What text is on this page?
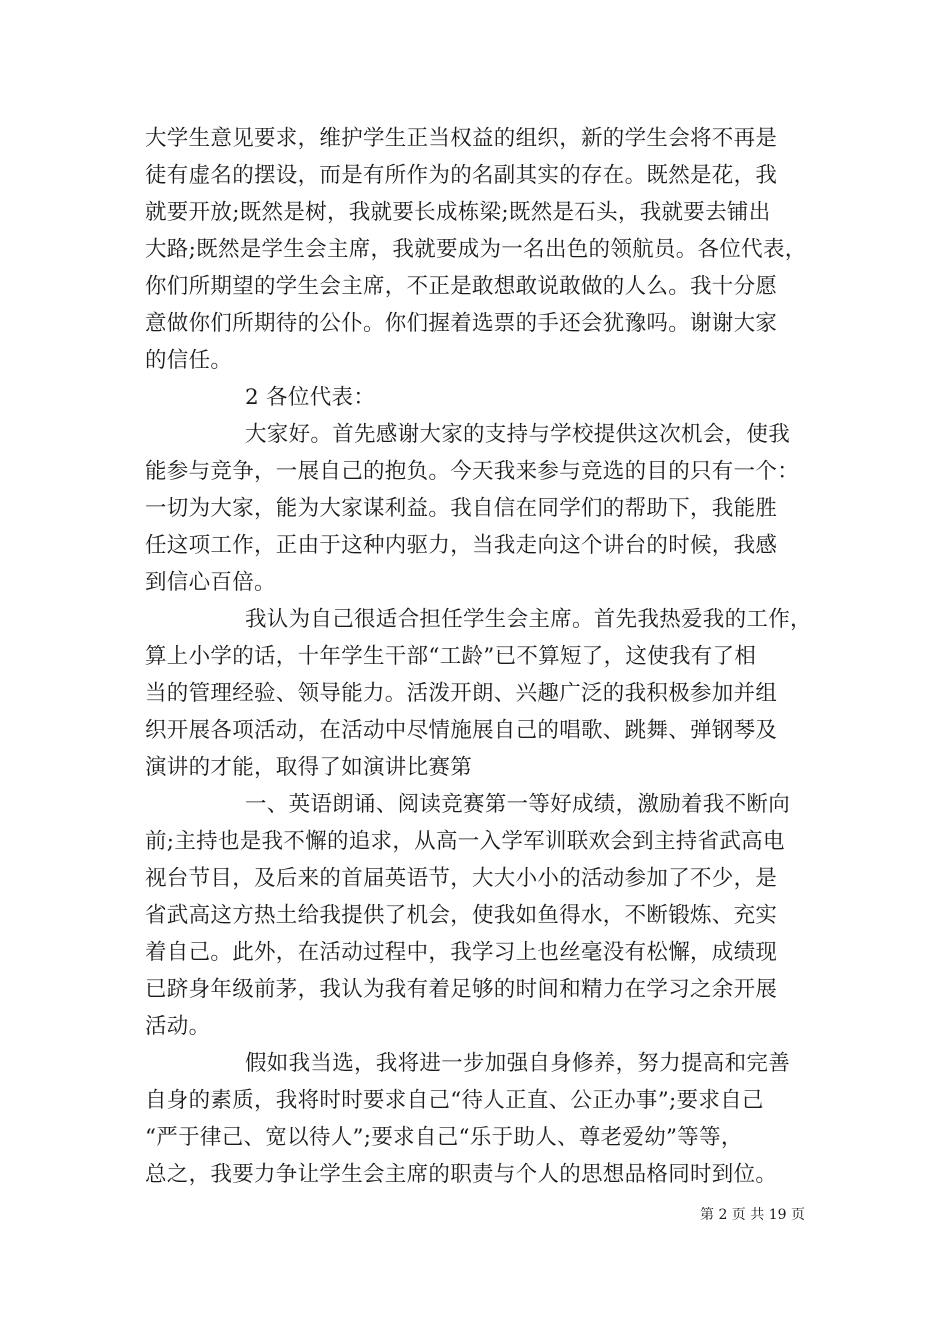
大学生意见要求，维护学生正当权益的组织，新的学生会将不再是
徒有虚名的摆设，而是有所作为的名副其实的存在。既然是花，我
就要开放;既然是树，我就要长成栋梁;既然是石头，我就要去铺出
大路;既然是学生会主席，我就要成为一名出色的领航员。各位代表，
你们所期望的学生会主席，不正是敢想敢说敢做的人么。我十分愿
意做你们所期待的公仆。你们握着选票的手还会犹豫吗。谢谢大家
的信任。
2 各位代表：
大家好。首先感谢大家的支持与学校提供这次机会，使我
能参与竞争，一展自己的抱负。今天我来参与竞选的目的只有一个：
一切为大家，能为大家谋利益。我自信在同学们的帮助下，我能胜
任这项工作，正由于这种内驱力，当我走向这个讲台的时候，我感
到信心百倍。
我认为自己很适合担任学生会主席。首先我热爱我的工作，
算上小学的话，十年学生干部“工龄”已不算短了，这使我有了相
当的管理经验、领导能力。活泼开朗、兴趣广泛的我积极参加并组
织开展各项活动，在活动中尽情施展自己的唱歌、跳舞、弹钢琴及
演讲的才能，取得了如演讲比赛第
一、英语朗诵、阅读竞赛第一等好成绩，激励着我不断向
前;主持也是我不懈的追求，从高一入学军训联欢会到主持省武高电
视台节目，及后来的首届英语节，大大小小的活动参加了不少，是
省武高这方热土给我提供了机会，使我如鱼得水，不断锻炼、充实
着自己。此外，在活动过程中，我学习上也丝毫没有松懈，成绩现
已跻身年级前茅，我认为我有着足够的时间和精力在学习之余开展
活动。
假如我当选，我将进一步加强自身修养，努力提高和完善
自身的素质，我将时时要求自己“待人正直、公正办事”;要求自己
“严于律己、宽以待人”;要求自己“乐于助人、尊老爱幼”等等，
总之，我要力争让学生会主席的职责与个人的思想品格同时到位。
第 2 页 共 19 页
